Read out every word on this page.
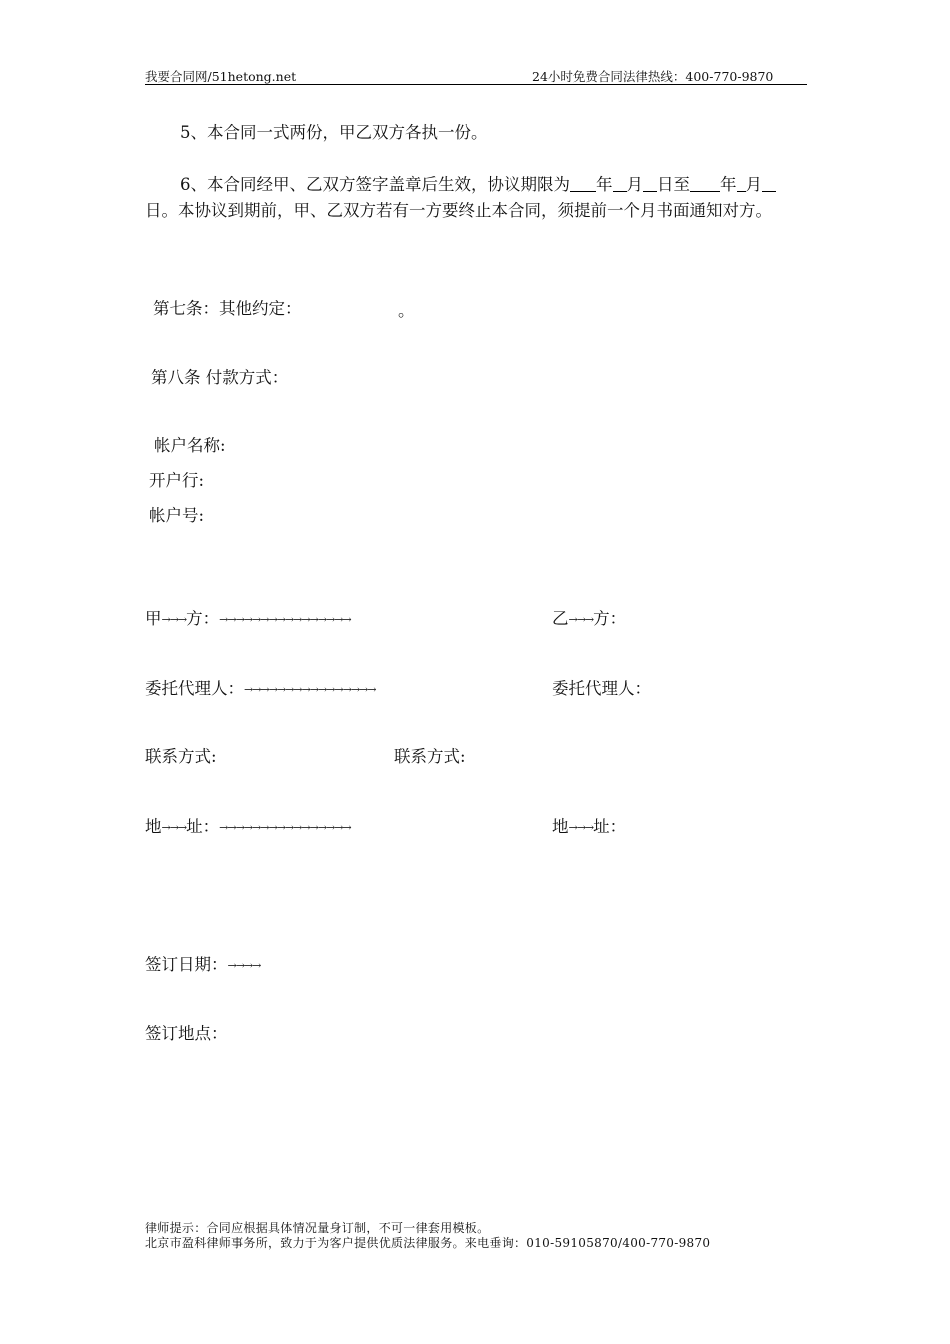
我要合同网/51hetong.net	24小时免费合同法律热线：400-770-9870
5、本合同一式两份，甲乙双方各执一份。
6、本合同经甲、乙双方签字盖章后生效，协议期限为 年 月 日至 年 月日。本协议到期前，甲、乙双方若有一方要终止本合同，须提前一个月书面通知对方。
第七条：其他约定：	。
第八条 付款方式：
帐户名称:
开户行:
帐户号:
甲→→→方：→→→→→→→→→→→→→→→→	乙→→→方：
委托代理人：→→→→→→→→→→→→→→→→	委托代理人：
联系方式:	联系方式:
地→→→址：→→→→→→→→→→→→→→→→	地→→→址：
签订日期：→→→→
签订地点：
律师提示：合同应根据具体情况量身订制，不可一律套用模板。
北京市盈科律师事务所，致力于为客户提供优质法律服务。来电垂询：010-59105870/400-770-9870
